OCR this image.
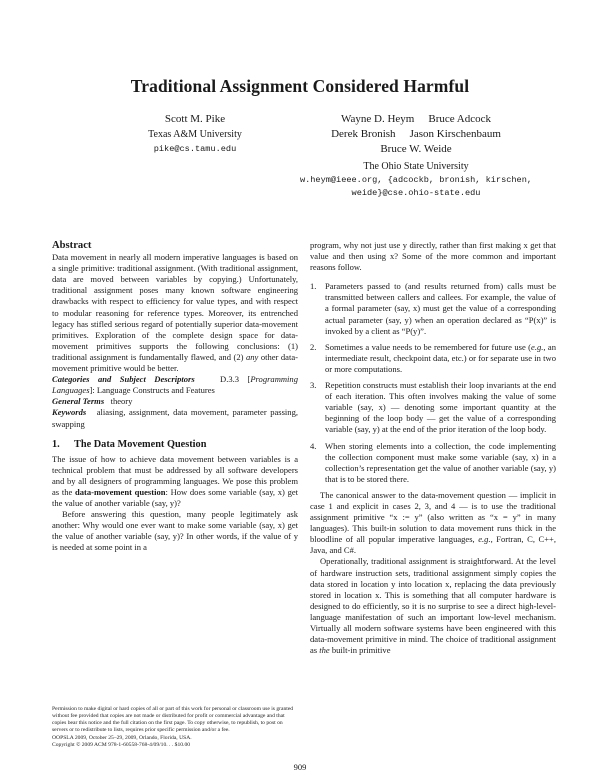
Traditional Assignment Considered Harmful
Scott M. Pike
Texas A&M University
pike@cs.tamu.edu
Wayne D. Heym Bruce Adcock
Derek Bronish Jason Kirschenbaum
Bruce W. Weide
The Ohio State University
w.heym@ieee.org, {adcockb, bronish, kirschen,
weide}@cse.ohio-state.edu
Abstract

Data movement in nearly all modern imperative languages is based on a single primitive: traditional assignment. (With traditional assignment, data are moved between variables by copying.) Unfortunately, traditional assignment poses many known software engineering drawbacks with respect to efficiency for value types, and with respect to modular reasoning for reference types. Moreover, its entrenched legacy has stifled serious regard of potentially superior data-movement primitives. Exploration of the complete design space for data-movement primitives supports the following conclusions: (1) traditional assignment is fundamentally flawed, and (2) any other data-movement primitive would be better.

Categories and Subject Descriptors	D.3.3 [Programming Languages]: Language Constructs and Features

General Terms theory

Keywords aliasing, assignment, data movement, parameter passing, swapping

1. The Data Movement Question

The issue of how to achieve data movement between variables is a technical problem that must be addressed by all software developers and by all designers of programming languages. We pose this problem as the data-movement question: How does some variable (say, x) get the value of another variable (say, y)?

Before answering this question, many people legitimately ask another: Why would one ever want to make some variable (say, x) get the value of another variable (say, y)? In other words, if the value of y is needed at some point in a

program, why not just use y directly, rather than first making x get that value and then using x? Some of the more common and important reasons follow.

1. Parameters passed to (and results returned from) calls must be transmitted between callers and callees. For example, the value of a formal parameter (say, x) must get the value of a corresponding actual parameter (say, y) when an operation declared as “P(x)” is invoked by a client as “P(y)”.
2. Sometimes a value needs to be remembered for future use (e.g., an intermediate result, checkpoint data, etc.) or for separate use in two or more computations.
3. Repetition constructs must establish their loop invariants at the end of each iteration. This often involves making the value of some variable (say, x) — denoting some important quantity at the beginning of the loop body — get the value of a corresponding variable (say, y) at the end of the prior iteration of the loop body.
4. When storing elements into a collection, the code implementing the collection component must make some variable (say, x) in a collection’s representation get the value of another variable (say, y) that is to be stored there.

The canonical answer to the data-movement question — implicit in case 1 and explicit in cases 2, 3, and 4 — is to use the traditional assignment primitive “x := y” (also written as “x = y” in many languages). This built-in solution to data movement runs thick in the bloodline of all popular imperative languages, e.g., Fortran, C, C++, Java, and C#.

Operationally, traditional assignment is straightforward. At the level of hardware instruction sets, traditional assignment simply copies the data stored in location y into location x, replacing the data previously stored in location x. This is something that all computer hardware is designed to do efficiently, so it is no surprise to see a direct high-level-language manifestation of such an important low-level mechanism. Virtually all modern software systems have been engineered with this data-movement primitive in mind. The choice of traditional assignment as the built-in primitive

Permission to make digital or hard copies of all or part of this work for personal or classroom use is granted without fee provided that copies are not made or distributed for profit or commercial advantage and that copies bear this notice and the full citation on the first page. To copy otherwise, to republish, to post on servers or to redistribute to lists, requires prior specific permission and/or a fee.
OOPSLA 2009, October 25–29, 2009, Orlando, Florida, USA.
Copyright © 2009 ACM 978-1-60558-768-4/09/10. . . $10.00
909
